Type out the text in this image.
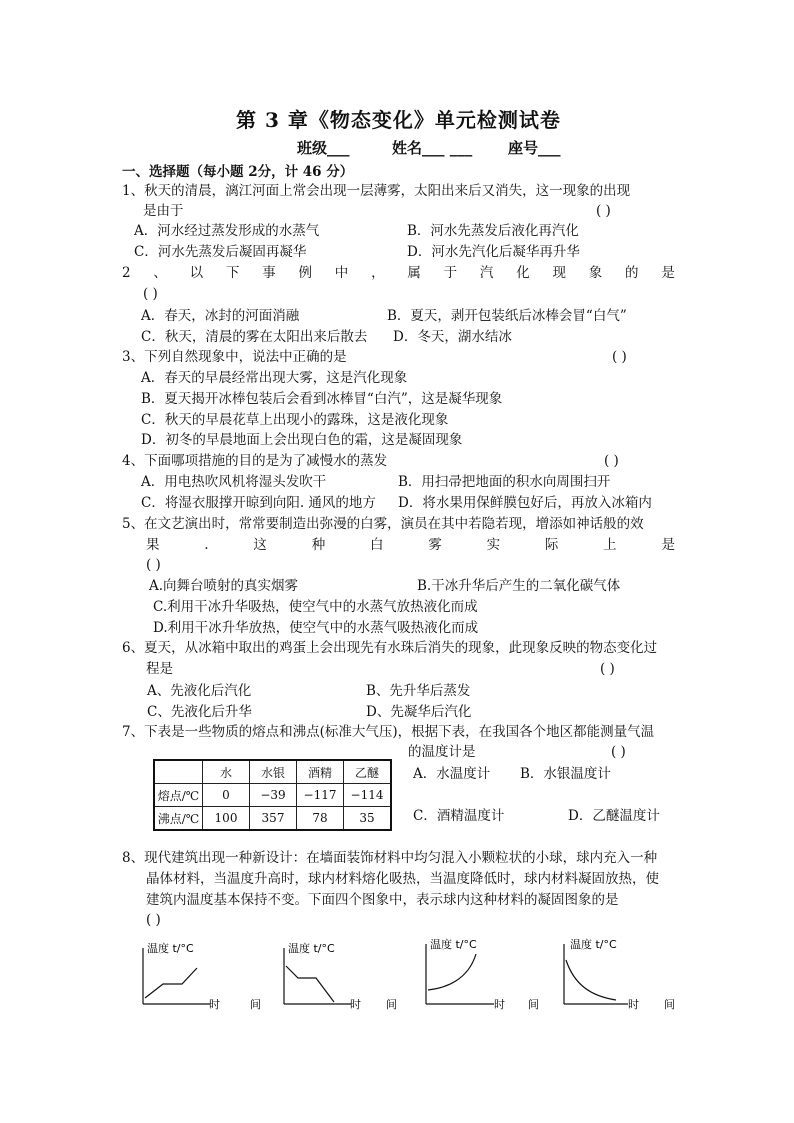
第 3 章《物态变化》单元检测试卷
班级___	姓名___ ___ 座号___
一、选择题（每小题 2分，计 46 分）
1、秋天的清晨，漓江河面上常会出现一层薄雾，太阳出来后又消失，这一现象的出现
是由于	( )
A．河水经过蒸发形成的水蒸气	B．河水先蒸发后液化再汽化
C．河水先蒸发后凝固再凝华	D．河水先汽化后凝华再升华
2 、 以 下 事 例 中 ， 属 于 汽 化 现 象 的 是
( )
A．春天，冰封的河面消融	B．夏天，剥开包装纸后冰棒会冒“白气”
C．秋天，清晨的雾在太阳出来后散去 D．冬天，湖水结冰
3、下列自然现象中，说法中正确的是	( )
A．春天的早晨经常出现大雾，这是汽化现象
B．夏天揭开冰棒包装后会看到冰棒冒“白汽”，这是凝华现象
C．秋天的早晨花草上出现小的露珠，这是液化现象
D．初冬的早晨地面上会出现白色的霜，这是凝固现象
4、下面哪项措施的目的是为了减慢水的蒸发	( )
A．用电热吹风机将湿头发吹干	B．用扫帚把地面的积水向周围扫开
C．将湿衣服撑开晾到向阳. 通风的地方 D．将水果用保鲜膜包好后，再放入冰箱内
5、在文艺演出时，常常要制造出弥漫的白雾，演员在其中若隐若现，增添如神话般的效
果	.	这	种	白	雾	实	际	上	是
( )
A.向舞台喷射的真实烟雾	B.干冰升华后产生的二氧化碳气体
C.利用干冰升华吸热，使空气中的水蒸气放热液化而成
D.利用干冰升华放热，使空气中的水蒸气吸热液化而成
6、夏天，从冰箱中取出的鸡蛋上会出现先有水珠后消失的现象，此现象反映的物态变化过
程是	( )
A、先液化后汽化	B、先升华后蒸发
C、先液化后升华	D、先凝华后汽化
7、下表是一些物质的熔点和沸点(标准大气压)，根据下表，在我国各个地区都能测量气温
的温度计是	( )
	水	水银	酒精	乙醚
熔点/℃	0	−39	−117	−114
沸点/℃	100	357	78	35
A．水温度计 B．水银温度计
C．酒精温度计	D．乙醚温度计
8、现代建筑出现一种新设计：在墙面装饰材料中均匀混入小颗粒状的小球，球内充入一种
晶体材料，当温度升高时，球内材料熔化吸热，当温度降低时，球内材料凝固放热，使
建筑内温度基本保持不变。下面四个图象中，表示球内这种材料的凝固图象的是
( )
温度 t/°C
时	间
温度 t/°C
时 间
温度 t/°C
时 间
温度 t/°C
时 间
